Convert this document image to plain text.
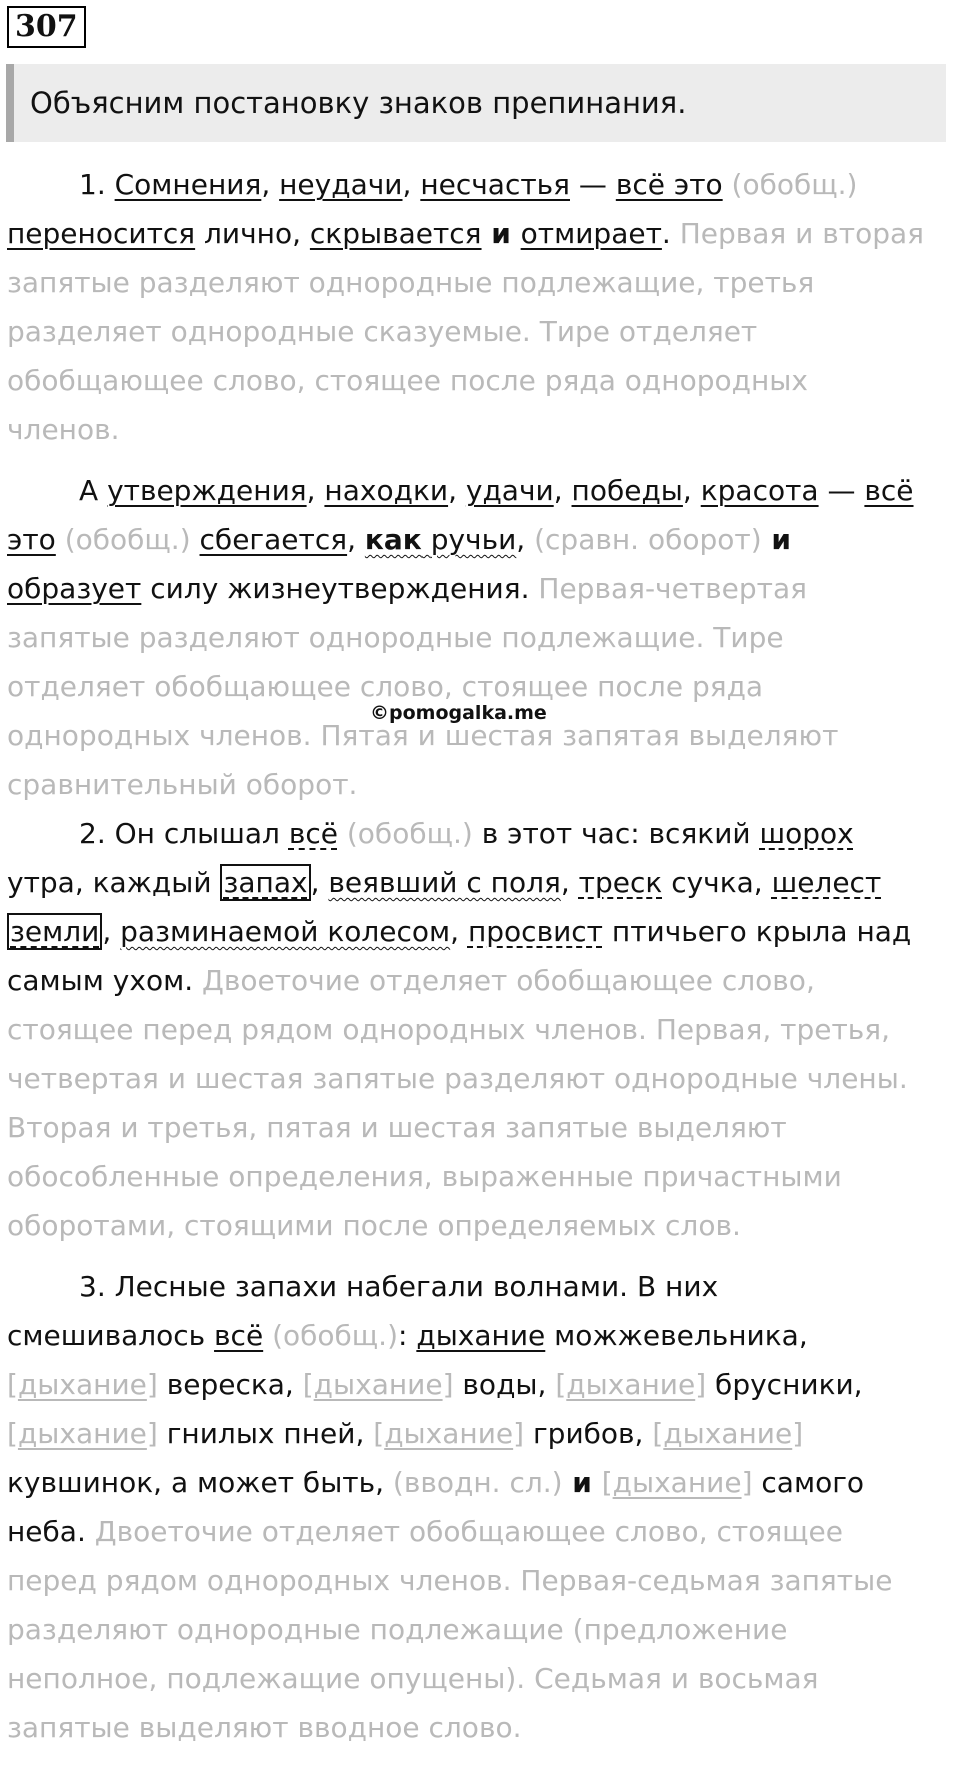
307
Объясним постановку знаков препинания.
©pomogalka.me

1. Сомнения, неудачи, несчастья — всё это (обобщ.)

переносится лично, скрывается и отмирает. Первая и вторая

запятые разделяют однородные подлежащие, третья

разделяет однородные сказуемые. Тире отделяет

обобщающее слово, стоящее после ряда однородных

членов.

А утверждения, находки, удачи, победы, красота — всё

это (обобщ.) сбегается, как ручьи, (сравн. оборот) и

образует силу жизнеутверждения. Первая-четвертая

запятые разделяют однородные подлежащие. Тире

отделяет обобщающее слово, стоящее после ряда

однородных членов. Пятая и шестая запятая выделяют

сравнительный оборот.

2. Он слышал всё (обобщ.) в этот час: всякий шорох

утра, каждый запах , веявший с поля, треск сучка, шелест

земли , разминаемой колесом, просвист птичьего крыла над

самым ухом. Двоеточие отделяет обобщающее слово,

стоящее перед рядом однородных членов. Первая, третья,

четвертая и шестая запятые разделяют однородные члены.

Вторая и третья, пятая и шестая запятые выделяют

обособленные определения, выраженные причастными

оборотами, стоящими после определяемых слов.

3. Лесные запахи набегали волнами. В них

смешивалось всё (обобщ.): дыхание можжевельника,

[дыхание] вереска, [дыхание] воды, [дыхание] брусники,

[дыхание] гнилых пней, [дыхание] грибов, [дыхание]

кувшинок, а может быть, (вводн. сл.) и [дыхание] самого

неба. Двоеточие отделяет обобщающее слово, стоящее

перед рядом однородных членов. Первая-седьмая запятые

разделяют однородные подлежащие (предложение

неполное, подлежащие опущены). Седьмая и восьмая

запятые выделяют вводное слово.
